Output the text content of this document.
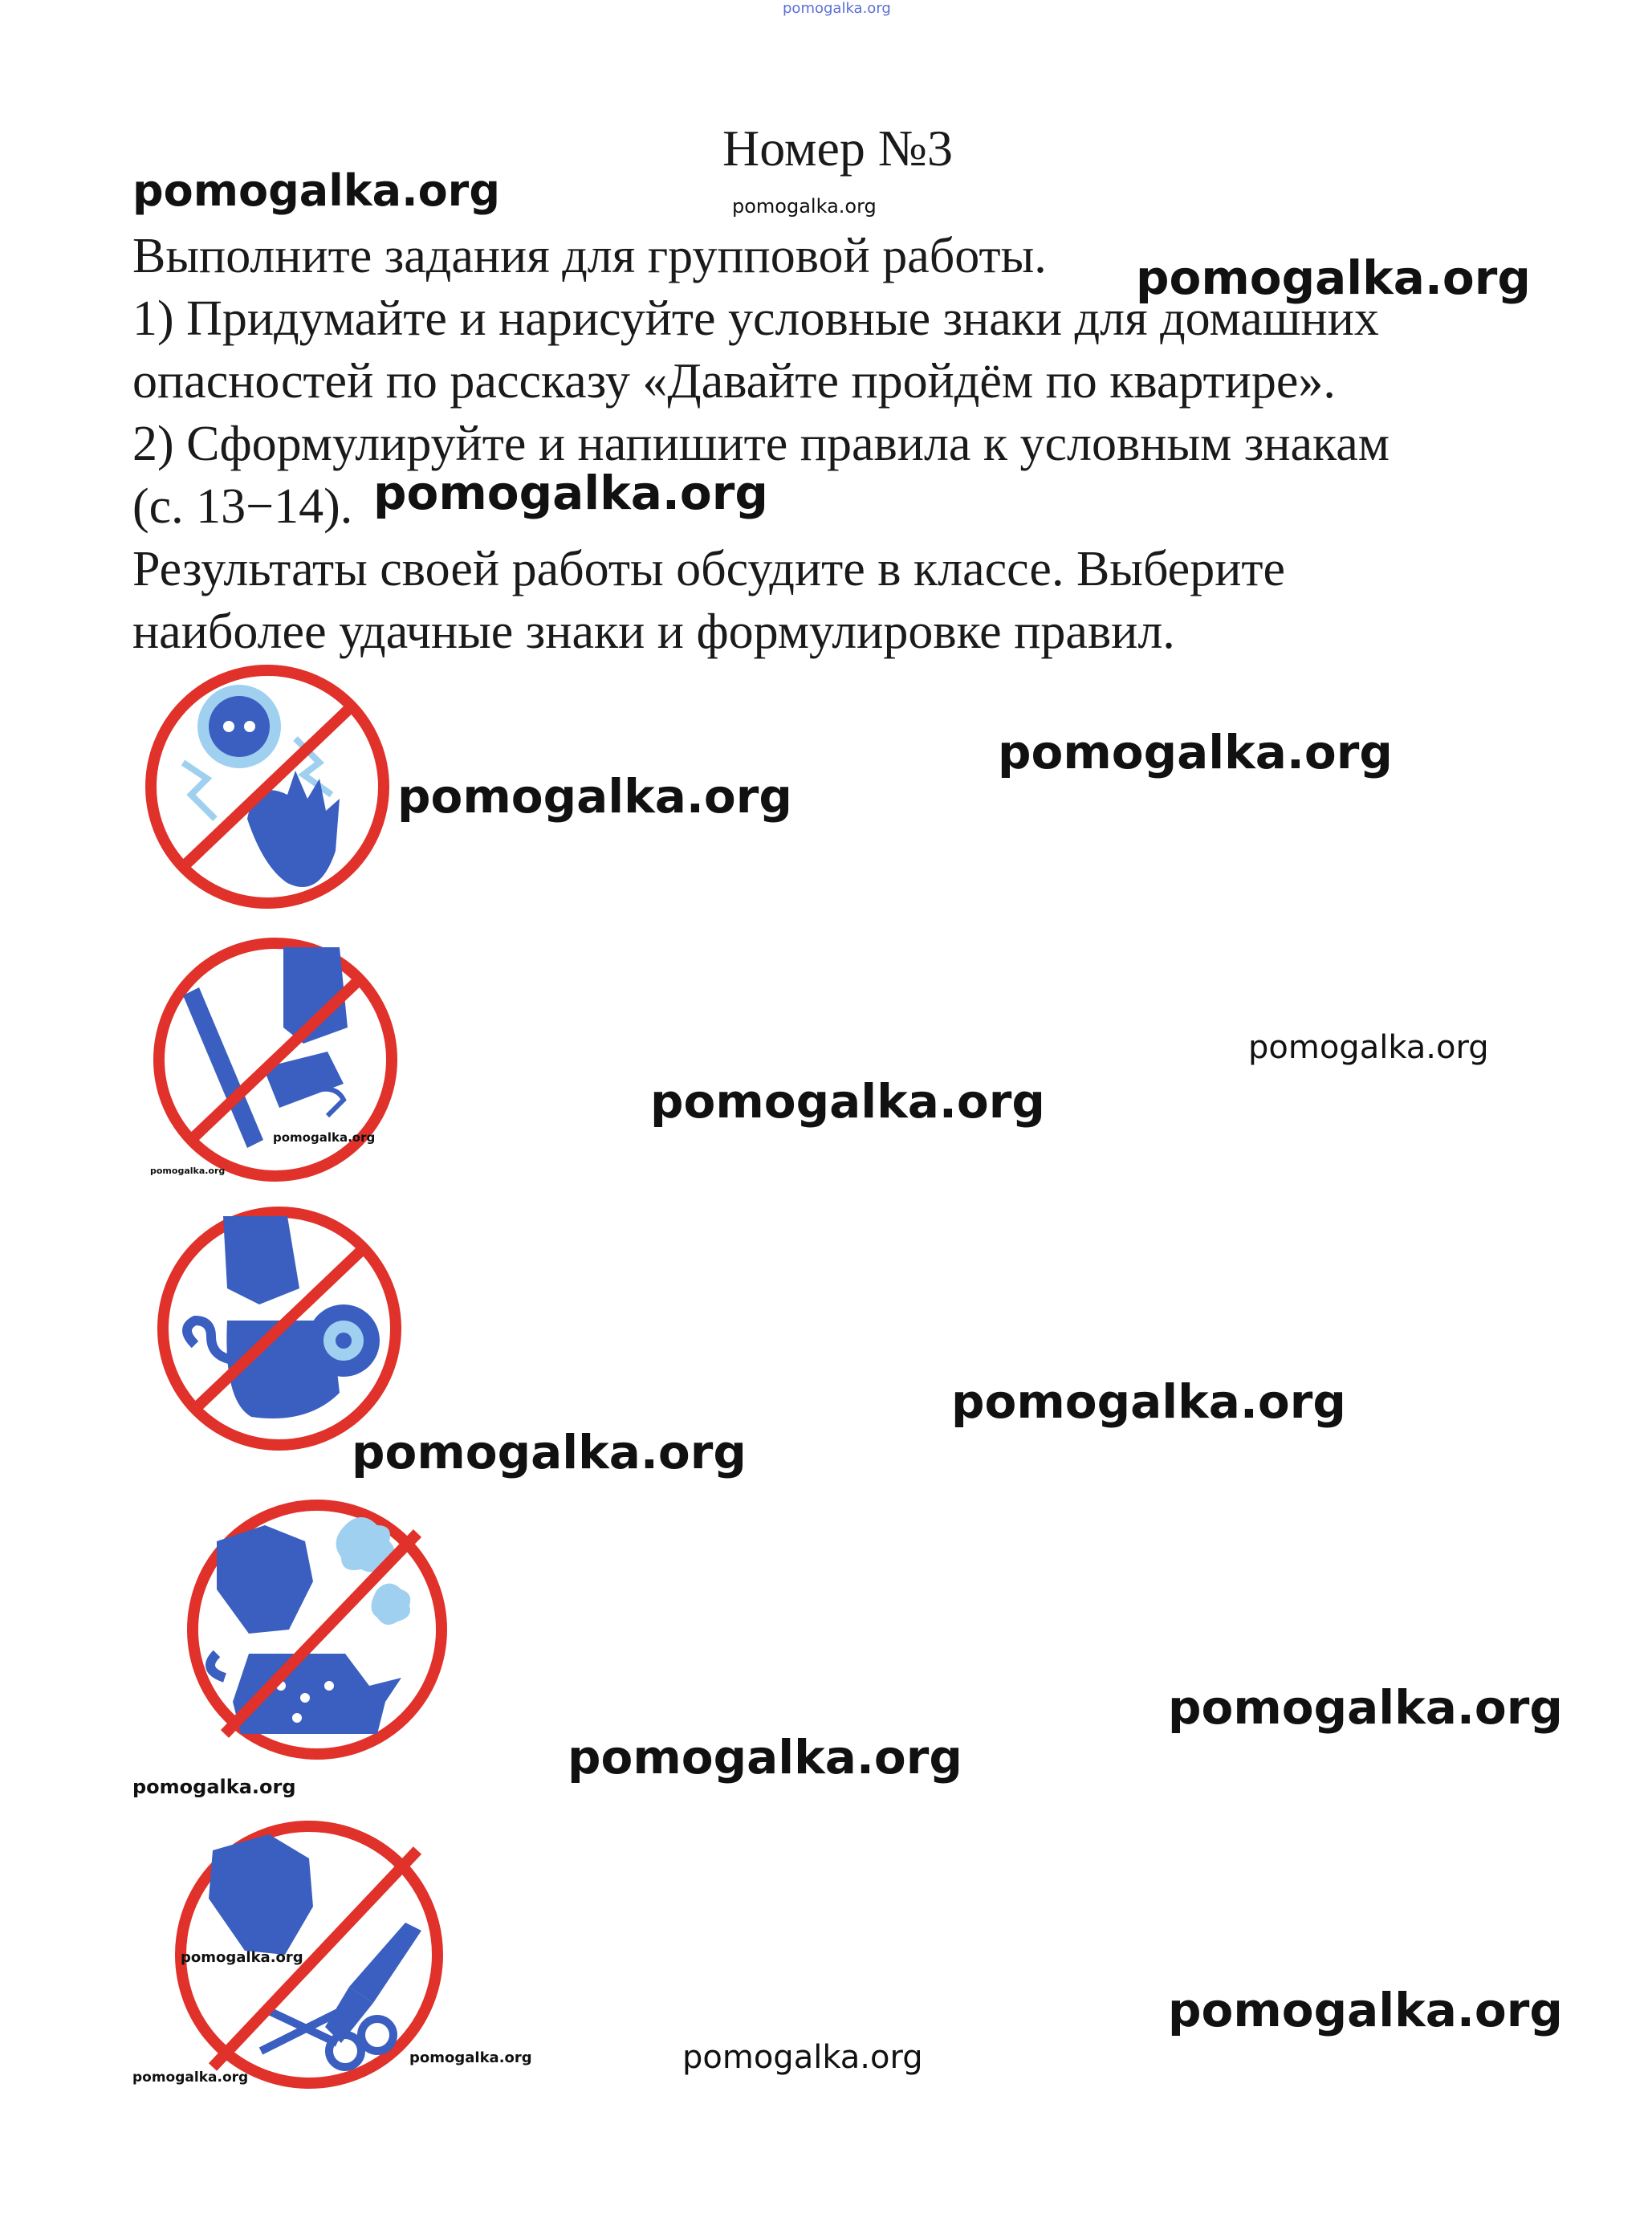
pomogalka.org
Номер №3
pomogalka.org	pomogalka.org
Выполните задания для групповой работы. pomogalka.org
1) Придумайте и нарисуйте условные знаки для домашних
опасностей по рассказу «Давайте пройдём по квартире».
2) Сформулируйте и напишите правила к условным знакам
(с. 13−14). pomogalka.org
Результаты своей работы обсудите в классе. Выберите
наиболее удачные знаки и формулировке правил.
pomogalka.org
pomogalka.org
pomogalka.org
pomogalka.org
pomogalka.org
pomogalka.org
pomogalka.org
pomogalka.org
pomogalka.org
pomogalka.org
pomogalka.org
pomogalka.org
pomogalka.org
pomogalka.org
pomogalka.org
pomogalka.org
